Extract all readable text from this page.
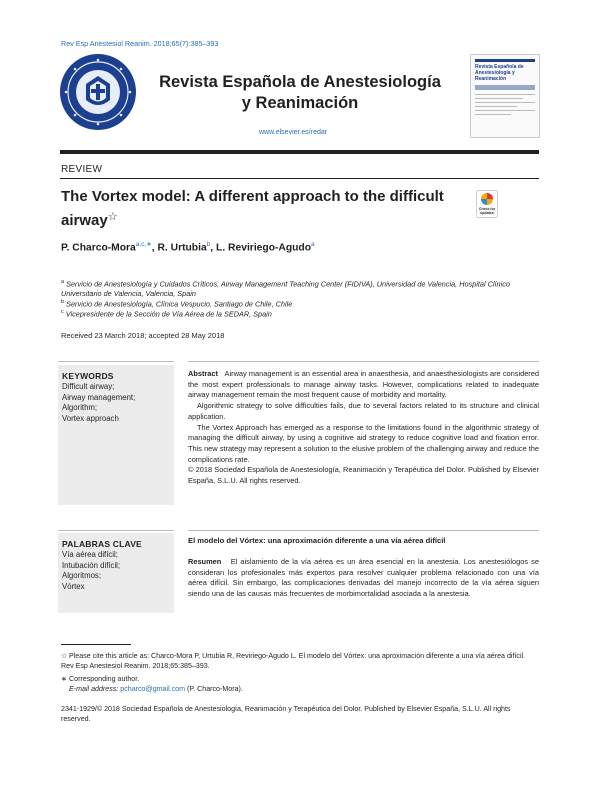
Rev Esp Anestesiol Reanim. 2018;65(7):385–393
Revista Española de Anestesiología
y Reanimación
www.elsevier.es/redar
Revista Española de Anestesiología y Reanimación
REVIEW
The Vortex model: A different approach to the difficult airway☆
Check for updates
P. Charco-Mora$^{a,c,∗}$, R. Urtubia$^b$, L. Reviriego-Agudo$^a$
$^a$ Servicio de Anestesiología y Cuidados Críticos, Airway Management Teaching Center (FIDIVA), Universidad de Valencia, Hospital Clínico Universitario de Valencia, Valencia, Spain
$^b$ Servicio de Anestesiología, Clínica Vespucio, Santiago de Chile, Chile
$^c$ Vicepresidente de la Sección de Vía Aérea de la SEDAR, Spain
Received 23 March 2018; accepted 28 May 2018
KEYWORDS
Difficult airway;
Airway management;
Algorithm;
Vortex approach

Abstract Airway management is an essential area in anaesthesia, and anaesthesiologists are considered the most expert professionals to manage airway tasks. However, complications related to inadequate airway management remain the most frequent cause of morbidity and mortality.

Algorithmic strategy to solve difficulties fails, due to several factors related to its structure and clinical application.

The Vortex Approach has emerged as a response to the limitations found in the algorithmic strategy of managing the difficult airway, by using a cognitive aid strategy to reduce cognitive load and fixation error. This new strategy may represent a solution to the elusive problem of the challenging airway and reduce the complications rate.

© 2018 Sociedad Española de Anestesiología, Reanimación y Terapéutica del Dolor. Published by Elsevier España, S.L.U. All rights reserved.

PALABRAS CLAVE
Vía aérea difícil;
Intubación difícil;
Algoritmos;
Vórtex
El modelo del Vórtex: una aproximación diferente a una vía aérea difícil

Resumen El aislamiento de la vía aérea es un área esencial en la anestesia. Los anestesiólogos se consideran los profesionales más expertos para resolver cualquier problema relacionado con una vía aérea difícil. Sin embargo, las complicaciones derivadas del manejo incorrecto de la vía aérea siguen siendo una de las causas más frecuentes de morbimortalidad asociada a la anestesia.

☆ Please cite this article as: Charco-Mora P, Urtubia R, Reviriego-Agudo L. El modelo del Vórtex: una aproximación diferente a una vía aérea difícil. Rev Esp Anestesiol Reanim. 2018;65:385–393.
∗ Corresponding author.
E-mail address: pcharco@gmail.com (P. Charco-Mora).
2341-1929/© 2018 Sociedad Española de Anestesiología, Reanimación y Terapéutica del Dolor. Published by Elsevier España, S.L.U. All rights reserved.
